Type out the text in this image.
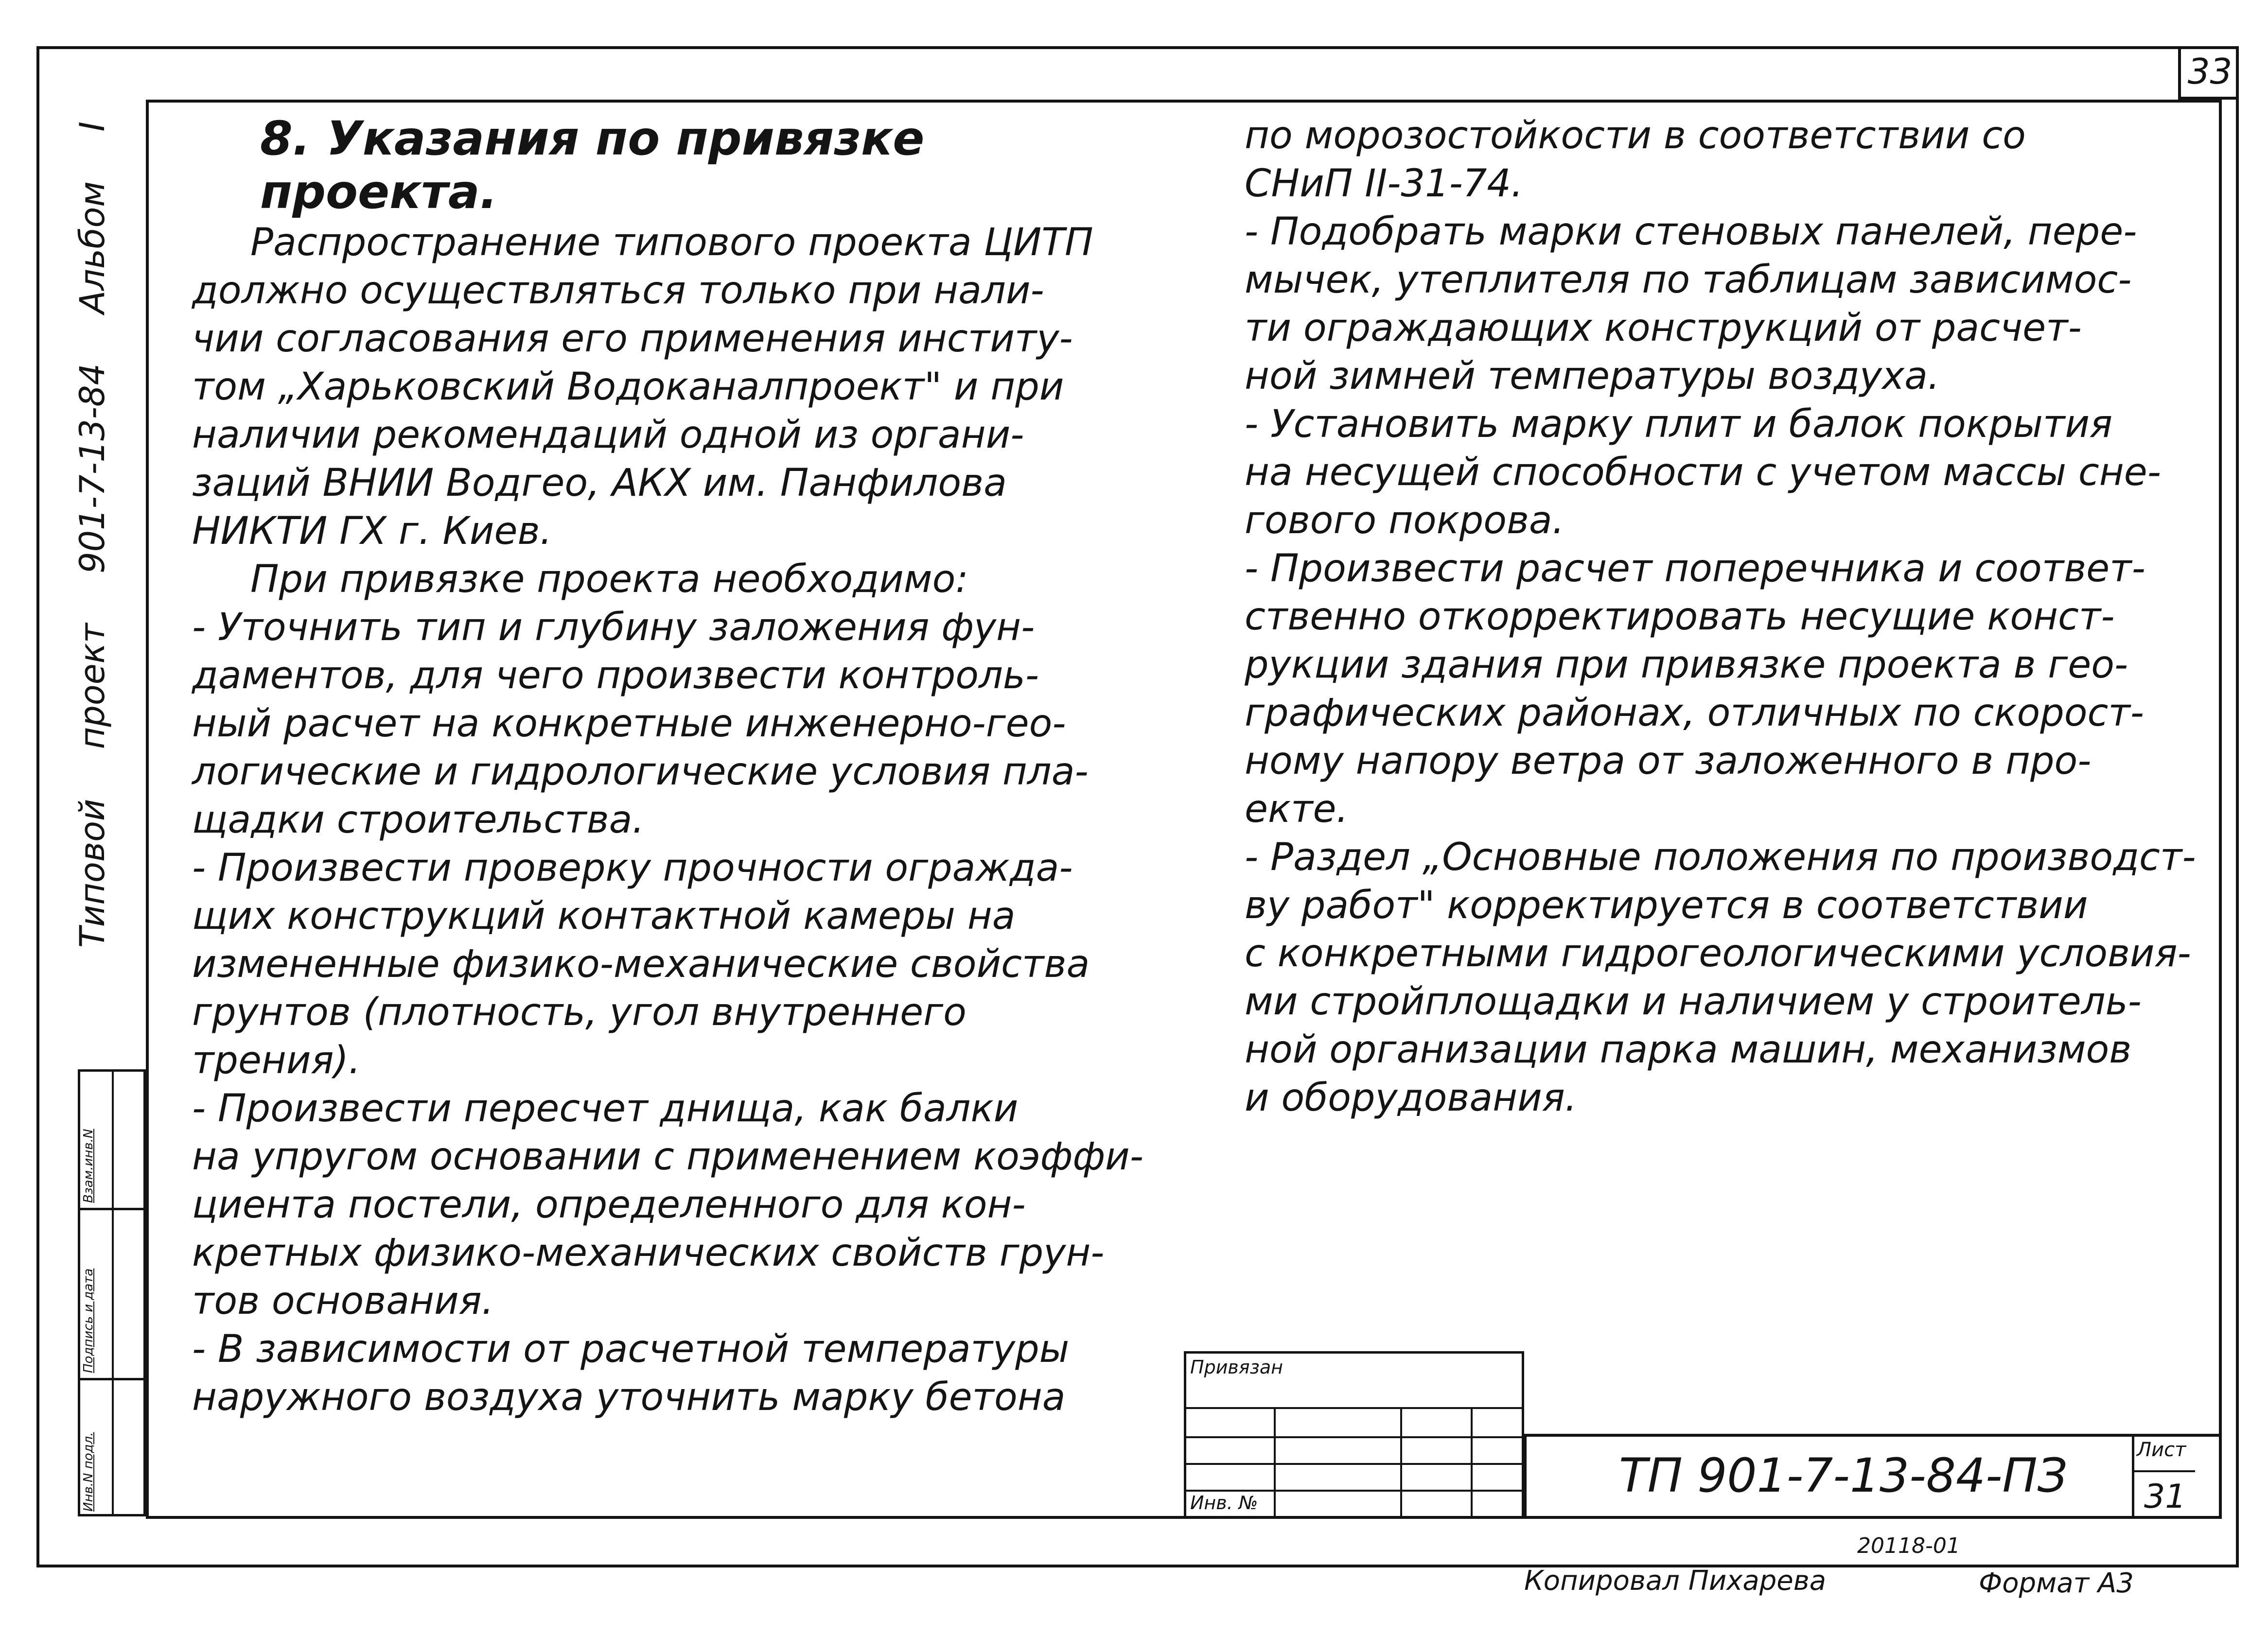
33
Типовой
проект
901-7-13-84
Альбом
I
Инв.N подл.
Подпись и дата
Взам.инв.N
8. Указания по привязке проекта.
Распространение типового проекта ЦИТП
должно осуществляться только при нали-
чии согласования его применения институ-
том „Харьковский Водоканалпроект" и при
наличии рекомендаций одной из органи-
заций ВНИИ Водгео, АКХ им. Панфилова
НИКТИ ГХ г. Киев.
При привязке проекта необходимо:
- Уточнить тип и глубину заложения фун-
даментов, для чего произвести контроль-
ный расчет на конкретные инженерно-гео-
логические и гидрологические условия пла-
щадки строительства.
- Произвести проверку прочности огражда-
щих конструкций контактной камеры на
измененные физико-механические свойства
грунтов (плотность, угол внутреннего
трения).
- Произвести пересчет днища, как балки
на упругом основании с применением коэффи-
циента постели, определенного для кон-
кретных физико-механических свойств грун-
тов основания.
- В зависимости от расчетной температуры
наружного воздуха уточнить марку бетона
по морозостойкости в соответствии со
СНиП II-31-74.
- Подобрать марки стеновых панелей, пере-
мычек, утеплителя по таблицам зависимос-
ти ограждающих конструкций от расчет-
ной зимней температуры воздуха.
- Установить марку плит и балок покрытия
на несущей способности с учетом массы сне-
гового покрова.
- Произвести расчет поперечника и соответ-
ственно откорректировать несущие конст-
рукции здания при привязке проекта в гео-
графических районах, отличных по скорост-
ному напору ветра от заложенного в про-
екте.
- Раздел „Основные положения по производст-
ву работ" корректируется в соответствии
с конкретными гидрогеологическими условия-
ми стройплощадки и наличием у строитель-
ной организации парка машин, механизмов
и оборудования.
Привязан
Инв. №	ТП 901-7-13-84-ПЗ	Лист
31
20118-01
Копировал Пихарева	Формат А3
